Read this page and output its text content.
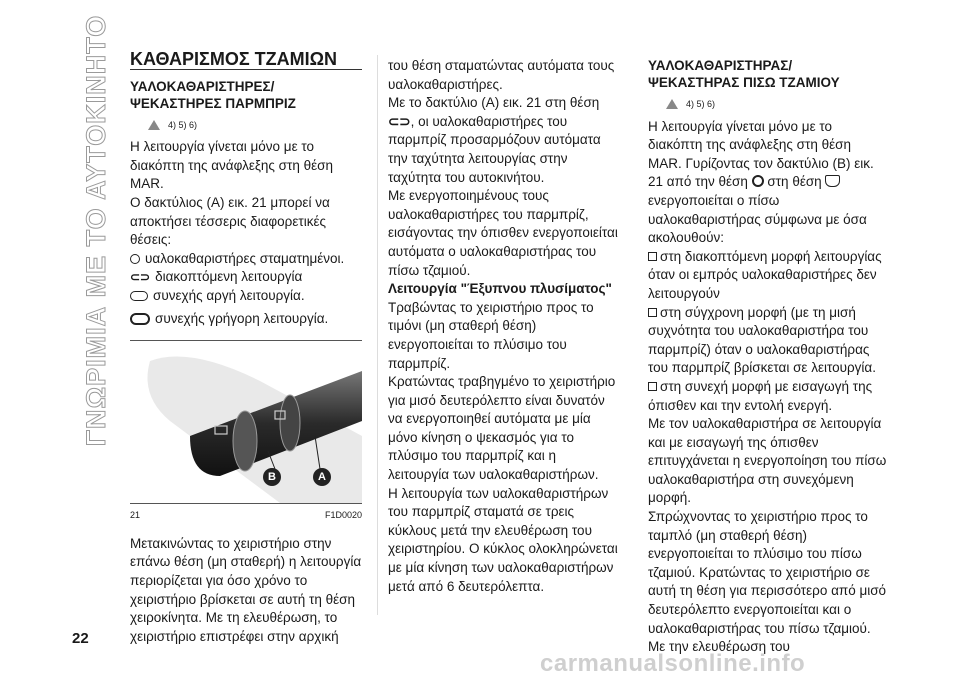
ΓΝΩΡΙΜΙΑ ΜΕ ΤΟ ΑΥΤΟΚΙΝΗΤΟ ΚΑΘΑΡΙΣΜΟΣ ΤΖΑΜΙΩΝ

ΥΑΛΟΚΑΘΑΡΙΣΤΗΡΕΣ/

ΨΕΚΑΣΤΗΡΕΣ ΠΑΡΜΠΡΙΖ

4) 5) 6)

Η λειτουργία γίνεται μόνο με το διακόπτη της ανάφλεξης στη θέση MAR.

Ο δακτύλιος (A) εικ. 21 μπορεί να αποκτήσει τέσσερις διαφορετικές θέσεις:

υαλοκαθαριστήρες σταματημένοι.
⊂⊃ διακοπτόμενη λειτουργία
συνεχής αργή λειτουργία.
συνεχής γρήγορη λειτουργία.
B	A
21	F1D0020

Μετακινώντας το χειριστήριο στην επάνω θέση (μη σταθερή) η λειτουργία περιορίζεται για όσο χρόνο το χειριστήριο βρίσκεται σε αυτή τη θέση χειροκίνητα. Με τη ελευθέρωση, το χειριστήριο επιστρέφει στην αρχική

του θέση σταματώντας αυτόματα τους υαλοκαθαριστήρες.

Με το δακτύλιο (A) εικ. 21 στη θέση ⊂⊃, οι υαλοκαθαριστήρες του παρμπρίζ προσαρμόζουν αυτόματα την ταχύτητα λειτουργίας στην ταχύτητα του αυτοκινήτου.

Με ενεργοποιημένους τους υαλοκαθαριστήρες του παρμπρίζ, εισάγοντας την όπισθεν ενεργοποιείται αυτόματα ο υαλοκαθαριστήρας του πίσω τζαμιού.

Λειτουργία "Έξυπνου πλυσίματος"

Τραβώντας το χειριστήριο προς το τιμόνι (μη σταθερή θέση) ενεργοποιείται το πλύσιμο του παρμπρίζ.

Κρατώντας τραβηγμένο το χειριστήριο για μισό δευτερόλεπτο είναι δυνατόν να ενεργοποιηθεί αυτόματα με μία μόνο κίνηση ο ψεκασμός για το πλύσιμο του παρμπρίζ και η λειτουργία των υαλοκαθαριστήρων.

Η λειτουργία των υαλοκαθαριστήρων του παρμπρίζ σταματά σε τρεις κύκλους μετά την ελευθέρωση του χειριστηρίου. Ο κύκλος ολοκληρώνεται με μία κίνηση των υαλοκαθαριστήρων μετά από 6 δευτερόλεπτα.

ΥΑΛΟΚΑΘΑΡΙΣΤΗΡΑΣ/

ΨΕΚΑΣΤΗΡΑΣ ΠΙΣΩ ΤΖΑΜΙΟΥ

4) 5) 6)

Η λειτουργία γίνεται μόνο με το διακόπτη της ανάφλεξης στη θέση MAR. Γυρίζοντας τον δακτύλιο (B) εικ. 21 από την θέση στη θέση  ενεργοποιείται ο πίσω υαλοκαθαριστήρας σύμφωνα με όσα ακολουθούν:

στη διακοπτόμενη μορφή λειτουργίας όταν οι εμπρός υαλοκαθαριστήρες δεν λειτουργούν

στη σύγχρονη μορφή (με τη μισή συχνότητα του υαλοκαθαριστήρα του παρμπρίζ) όταν ο υαλοκαθαριστήρας του παρμπρίζ βρίσκεται σε λειτουργία.

στη συνεχή μορφή με εισαγωγή της όπισθεν και την εντολή ενεργή.

Με τον υαλοκαθαριστήρα σε λειτουργία και με εισαγωγή της όπισθεν επιτυγχάνεται η ενεργοποίηση του πίσω υαλοκαθαριστήρα στη συνεχόμενη μορφή.

Σπρώχνοντας το χειριστήριο προς το ταμπλό (μη σταθερή θέση) ενεργοποιείται το πλύσιμο του πίσω τζαμιού. Κρατώντας το χειριστήριο σε αυτή τη θέση για περισσότερο από μισό δευτερόλεπτο ενεργοποιείται και ο υαλοκαθαριστήρας του πίσω τζαμιού. Με την ελευθέρωση του

22
carmanualsonline.info
